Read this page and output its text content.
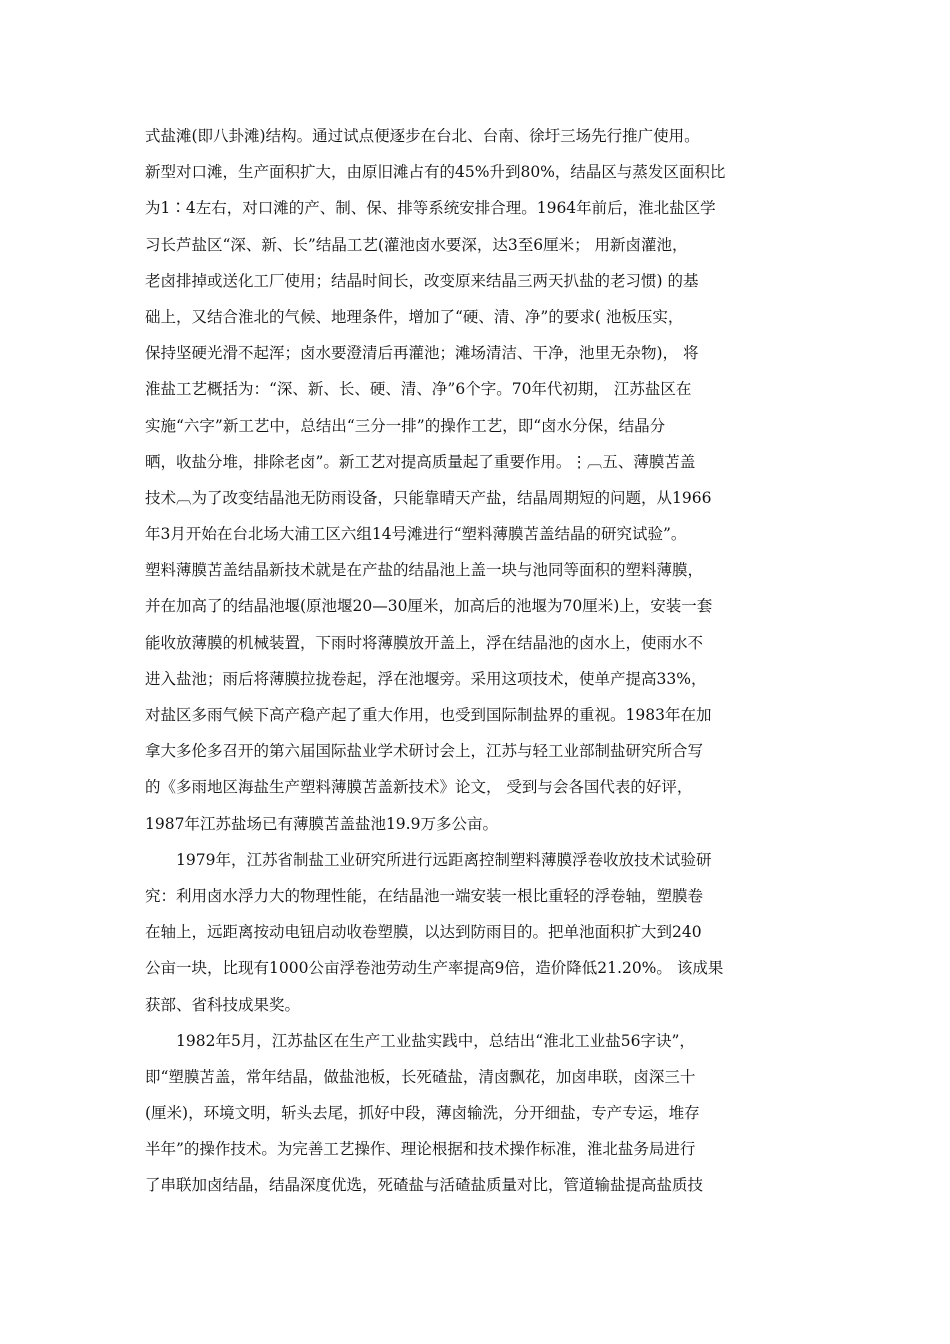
式盐滩(即八卦滩)结构。通过试点便逐步在台北、台南、徐圩三场先行推广使用。
新型对口滩，生产面积扩大，由原旧滩占有的45%升到80%，结晶区与蒸发区面积比
为1∶4左右，对口滩的产、制、保、排等系统安排合理。1964年前后，淮北盐区学
习长芦盐区“深、新、长”结晶工艺(灌池卤水要深，达3至6厘米； 用新卤灌池，
老卤排掉或送化工厂使用；结晶时间长，改变原来结晶三两天扒盐的老习惯) 的基
础上，又结合淮北的气候、地理条件，增加了“硬、清、净”的要求( 池板压实，
保持坚硬光滑不起浑；卤水要澄清后再灌池；滩场清洁、干净，池里无杂物)， 将
淮盐工艺概括为：“深、新、长、硬、清、净”6个字。70年代初期， 江苏盐区在
实施“六字”新工艺中，总结出“三分一排”的操作工艺，即“卤水分保，结晶分
晒，收盐分堆，排除老卤”。新工艺对提高质量起了重要作用。⋮︹五、薄膜苫盖
技术︹为了改变结晶池无防雨设备，只能靠晴天产盐，结晶周期短的问题，从1966
年3月开始在台北场大浦工区六组14号滩进行“塑料薄膜苫盖结晶的研究试验”。
塑料薄膜苫盖结晶新技术就是在产盐的结晶池上盖一块与池同等面积的塑料薄膜，
并在加高了的结晶池堰(原池堰20—30厘米，加高后的池堰为70厘米)上，安装一套
能收放薄膜的机械装置，下雨时将薄膜放开盖上，浮在结晶池的卤水上，使雨水不
进入盐池；雨后将薄膜拉拢卷起，浮在池堰旁。采用这项技术，使单产提高33%，
对盐区多雨气候下高产稳产起了重大作用，也受到国际制盐界的重视。1983年在加
拿大多伦多召开的第六届国际盐业学术研讨会上，江苏与轻工业部制盐研究所合写
的《多雨地区海盐生产塑料薄膜苫盖新技术》论文， 受到与会各国代表的好评，
1987年江苏盐场已有薄膜苫盖盐池19.9万多公亩。
1979年，江苏省制盐工业研究所进行远距离控制塑料薄膜浮卷收放技术试验研
究：利用卤水浮力大的物理性能，在结晶池一端安装一根比重轻的浮卷轴，塑膜卷
在轴上，远距离按动电钮启动收卷塑膜，以达到防雨目的。把单池面积扩大到240
公亩一块，比现有1000公亩浮卷池劳动生产率提高9倍，造价降低21.20%。 该成果
获部、省科技成果奖。
1982年5月，江苏盐区在生产工业盐实践中，总结出“淮北工业盐56字诀”，
即“塑膜苫盖，常年结晶，做盐池板，长死碴盐，清卤飘花，加卤串联，卤深三十
(厘米)，环境文明，斩头去尾，抓好中段，薄卤输洗，分开细盐，专产专运，堆存
半年”的操作技术。为完善工艺操作、理论根据和技术操作标准，淮北盐务局进行
了串联加卤结晶，结晶深度优选，死碴盐与活碴盐质量对比，管道输盐提高盐质技
